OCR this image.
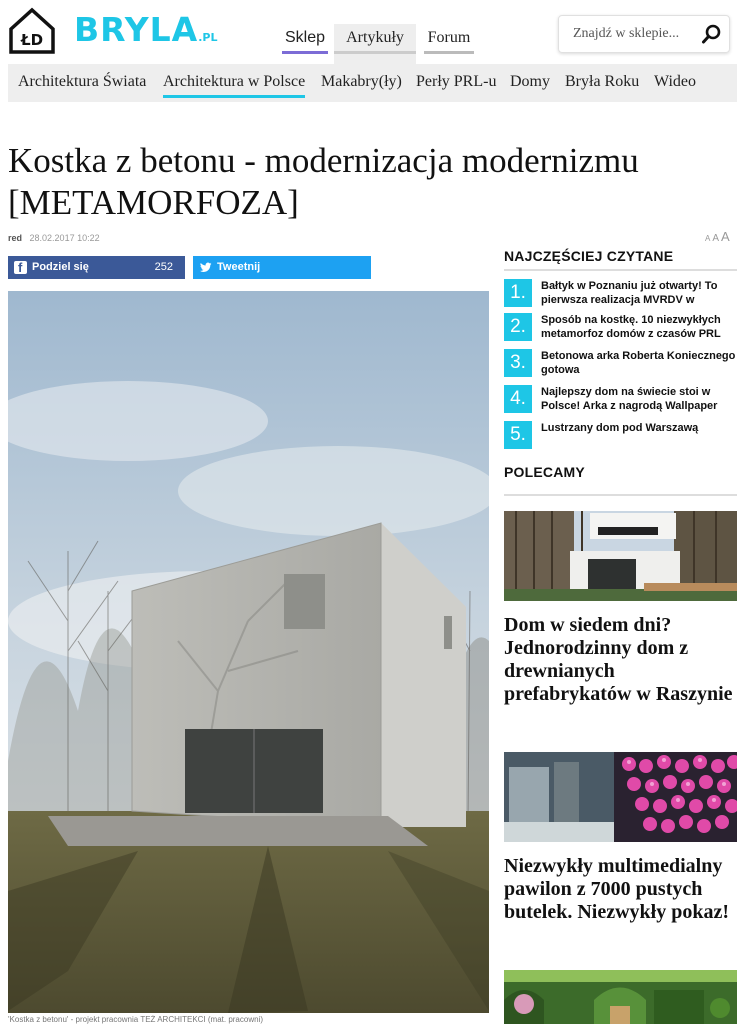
ŁD BRYLA.PL	Sklep	Artykuły	Forum
Znajdź w sklepie...
Architektura Świata Architektura w Polsce Makabry(ły) Perły PRL-u Domy Bryła Roku Wideo
Kostka z betonu - modernizacja modernizmu [METAMORFOZA]
red 28.02.2017 10:22	A A A
f
Podziel się	252	Tweetnij
'Kostka z betonu' - projekt pracownia TEŻ ARCHITEKCI (mat. pracowni)
NAJCZĘŚCIEJ CZYTANE
1.	Bałtyk w Poznaniu już otwarty! To pierwsza realizacja MVRDV w
2.	Sposób na kostkę. 10 niezwykłych metamorfoz domów z czasów PRL
3.	Betonowa arka Roberta Koniecznego gotowa
4.	Najlepszy dom na świecie stoi w Polsce! Arka z nagrodą Wallpaper
5.	Lustrzany dom pod Warszawą
POLECAMY
Dom w siedem dni? Jednorodzinny dom z drewnianych prefabrykatów w Raszynie
Niezwykły multimedialny pawilon z 7000 pustych butelek. Niezwykły pokaz!
